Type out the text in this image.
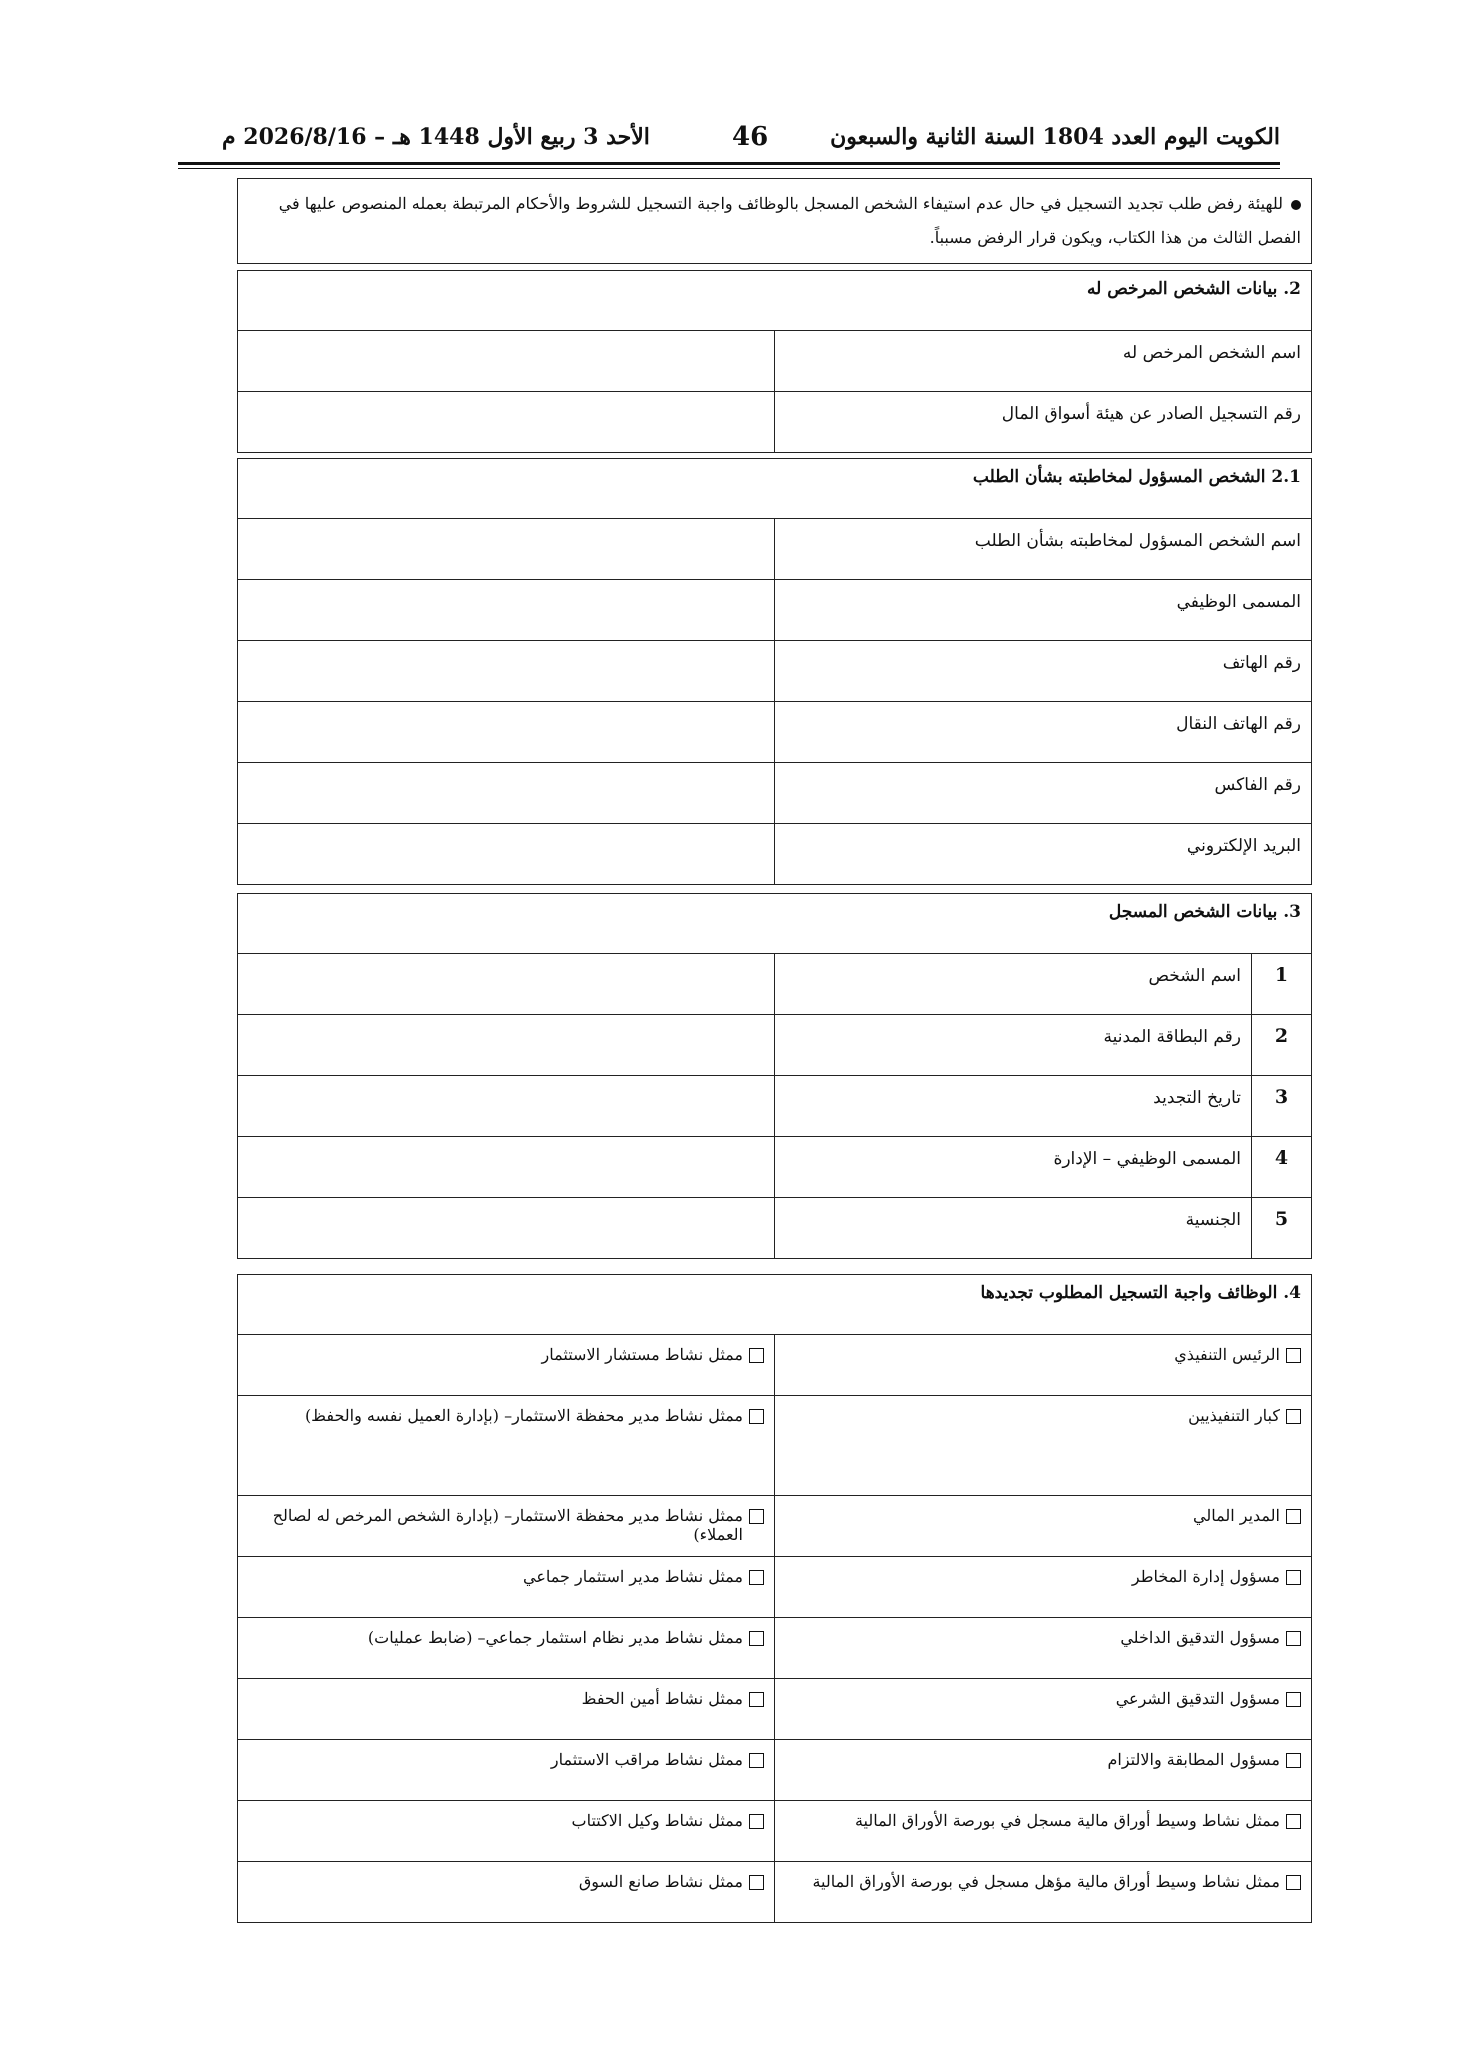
الأحد 3 ربيع الأول 1448 هـ – 2026/8/16 م	46	الكويت اليوم العدد 1804 السنة الثانية والسبعون
للهيئة رفض طلب تجديد التسجيل في حال عدم استيفاء الشخص المسجل بالوظائف واجبة التسجيل للشروط والأحكام المرتبطة بعمله المنصوص عليها في الفصل الثالث من هذا الكتاب، ويكون قرار الرفض مسبباً.
2. بيانات الشخص المرخص له
اسم الشخص المرخص له
رقم التسجيل الصادر عن هيئة أسواق المال
2.1 الشخص المسؤول لمخاطبته بشأن الطلب
اسم الشخص المسؤول لمخاطبته بشأن الطلب
المسمى الوظيفي
رقم الهاتف
رقم الهاتف النقال
رقم الفاكس
البريد الإلكتروني
3. بيانات الشخص المسجل
1
اسم الشخص
2
رقم البطاقة المدنية
3
تاريخ التجديد
4
المسمى الوظيفي – الإدارة
5
الجنسية
4. الوظائف واجبة التسجيل المطلوب تجديدها
الرئيس التنفيذي
ممثل نشاط مستشار الاستثمار
كبار التنفيذيين
ممثل نشاط مدير محفظة الاستثمار– (بإدارة العميل نفسه والحفظ)
المدير المالي
ممثل نشاط مدير محفظة الاستثمار– (بإدارة الشخص المرخص له لصالح العملاء)
مسؤول إدارة المخاطر
ممثل نشاط مدير استثمار جماعي
مسؤول التدقيق الداخلي
ممثل نشاط مدير نظام استثمار جماعي– (ضابط عمليات)
مسؤول التدقيق الشرعي
ممثل نشاط أمين الحفظ
مسؤول المطابقة والالتزام
ممثل نشاط مراقب الاستثمار
ممثل نشاط وسيط أوراق مالية مسجل في بورصة الأوراق المالية
ممثل نشاط وكيل الاكتتاب
ممثل نشاط وسيط أوراق مالية مؤهل مسجل في بورصة الأوراق المالية
ممثل نشاط صانع السوق
